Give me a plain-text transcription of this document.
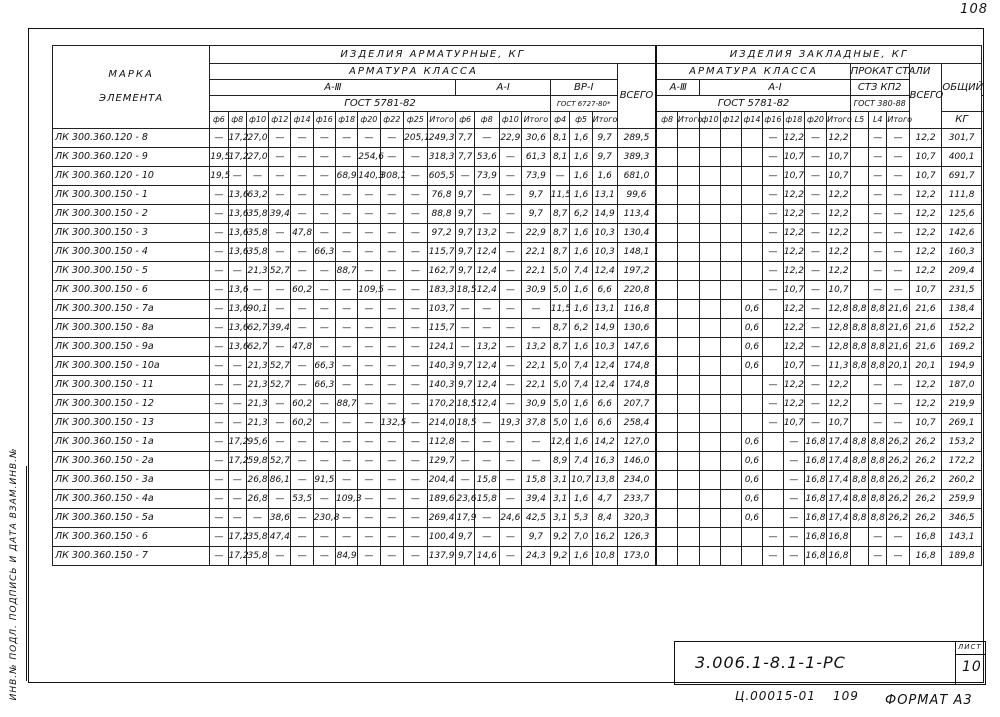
108
МАРКА
ЭЛЕМЕНТА	ИЗДЕЛИЯ АРМАТУРНЫЕ, КГ																			ИЗДЕЛИЯ ЗАКЛАДНЫЕ, КГ														
	АРМАТУРА КЛАССА																		ВСЕГО	АРМАТУРА КЛАССА									ПРОКАТ СТАЛИ			ВСЕГО	ОБЩИЙ	

	А-Ⅲ											А-Ⅰ				ВР-Ⅰ				А-Ⅲ		А-Ⅰ							СТЗ КП2					
	ГОСТ 5781-82															ГОСТ 6727-80*				ГОСТ 5781-82									ГОСТ 380-88	
	ф6	ф8	ф10	ф12	ф14	ф16	ф18	ф20	ф22	ф25	Итого	ф6	ф8	ф10	Итого	ф4	ф5	Итого		ф8	Итого	ф10	ф12	ф14	ф16	ф18	ф20	Итого	L5	L4	Итого		КГ	
ЛК 300.360.120 - 8	—	17,2	27,0	—	—	—	—	—	—	205,1	249,3	7,7	—	22,9	30,6	8,1	1,6	9,7	289,5						—	12,2	—	12,2		—	—	12,2	301,7	
ЛК 300.360.120 - 9	19,5	17,2	27,0	—	—	—	—	254,6	—	—	318,3	7,7	53,6	—	61,3	8,1	1,6	9,7	389,3						—	10,7	—	10,7		—	—	10,7	400,1	
ЛК 300.360.120 - 10	19,5	—	—	—	—	—	68,9	140,3	308,1	—	605,5	—	73,9	—	73,9	—	1,6	1,6	681,0						—	10,7	—	10,7		—	—	10,7	691,7	
ЛК 300.300.150 - 1	—	13,6	63,2	—	—	—	—	—	—	—	76,8	9,7	—	—	9,7	11,5	1,6	13,1	99,6						—	12,2	—	12,2		—	—	12,2	111,8	
ЛК 300.300.150 - 2	—	13,6	35,8	39,4	—	—	—	—	—	—	88,8	9,7	—	—	9,7	8,7	6,2	14,9	113,4						—	12,2	—	12,2		—	—	12,2	125,6	
ЛК 300.300.150 - 3	—	13,6	35,8	—	47,8	—	—	—	—	—	97,2	9,7	13,2	—	22,9	8,7	1,6	10,3	130,4						—	12,2	—	12,2		—	—	12,2	142,6	
ЛК 300.300.150 - 4	—	13,6	35,8	—	—	66,3	—	—	—	—	115,7	9,7	12,4	—	22,1	8,7	1,6	10,3	148,1						—	12,2	—	12,2		—	—	12,2	160,3	
ЛК 300.300.150 - 5	—	—	21,3	52,7	—	—	88,7	—	—	—	162,7	9,7	12,4	—	22,1	5,0	7,4	12,4	197,2						—	12,2	—	12,2		—	—	12,2	209,4	
ЛК 300.300.150 - 6	—	13,6	—	—	60,2	—	—	109,5	—	—	183,3	18,5	12,4	—	30,9	5,0	1,6	6,6	220,8						—	10,7	—	10,7		—	—	10,7	231,5	
ЛК 300.300.150 - 7а	—	13,6	90,1	—	—	—	—	—	—	—	103,7	—	—	—	—	11,5	1,6	13,1	116,8					0,6		12,2	—	12,8	8,8	8,8	21,6	21,6	138,4	
ЛК 300.300.150 - 8а	—	13,6	62,7	39,4	—	—	—	—	—	—	115,7	—	—	—	—	8,7	6,2	14,9	130,6					0,6		12,2	—	12,8	8,8	8,8	21,6	21,6	152,2	
ЛК 300.300.150 - 9а	—	13,6	62,7	—	47,8	—	—	—	—	—	124,1	—	13,2	—	13,2	8,7	1,6	10,3	147,6					0,6		12,2	—	12,8	8,8	8,8	21,6	21,6	169,2	
ЛК 300.300.150 - 10а	—	—	21,3	52,7	—	66,3	—	—	—	—	140,3	9,7	12,4	—	22,1	5,0	7,4	12,4	174,8					0,6		10,7	—	11,3	8,8	8,8	20,1	20,1	194,9	
ЛК 300.300.150 - 11	—	—	21,3	52,7	—	66,3	—	—	—	—	140,3	9,7	12,4	—	22,1	5,0	7,4	12,4	174,8						—	12,2	—	12,2		—	—	12,2	187,0	
ЛК 300.300.150 - 12	—	—	21,3	—	60,2	—	88,7	—	—	—	170,2	18,5	12,4	—	30,9	5,0	1,6	6,6	207,7						—	12,2	—	12,2		—	—	12,2	219,9	
ЛК 300.300.150 - 13	—	—	21,3	—	60,2	—	—	—	132,5	—	214,0	18,5	—	19,3	37,8	5,0	1,6	6,6	258,4						—	10,7	—	10,7		—	—	10,7	269,1	
ЛК 300.360.150 - 1а	—	17,2	95,6	—	—	—	—	—	—	—	112,8	—	—	—	—	12,6	1,6	14,2	127,0					0,6		—	16,8	17,4	8,8	8,8	26,2	26,2	153,2	
ЛК 300.360.150 - 2а	—	17,2	59,8	52,7	—	—	—	—	—	—	129,7	—	—	—	—	8,9	7,4	16,3	146,0					0,6		—	16,8	17,4	8,8	8,8	26,2	26,2	172,2	
ЛК 300.360.150 - 3а	—	—	26,8	86,1	—	91,5	—	—	—	—	204,4	—	15,8	—	15,8	3,1	10,7	13,8	234,0					0,6		—	16,8	17,4	8,8	8,8	26,2	26,2	260,2	
ЛК 300.360.150 - 4а	—	—	26,8	—	53,5	—	109,3	—	—	—	189,6	23,6	15,8	—	39,4	3,1	1,6	4,7	233,7					0,6		—	16,8	17,4	8,8	8,8	26,2	26,2	259,9	
ЛК 300.360.150 - 5а	—	—	—	38,6	—	230,8	—	—	—	—	269,4	17,9	—	24,6	42,5	3,1	5,3	8,4	320,3					0,6		—	16,8	17,4	8,8	8,8	26,2	26,2	346,5	
ЛК 300.360.150 - 6	—	17,2	35,8	47,4	—	—	—	—	—	—	100,4	9,7	—	—	9,7	9,2	7,0	16,2	126,3						—	—	16,8	16,8		—	—	16,8	143,1	
ЛК 300.360.150 - 7	—	17,2	35,8	—	—	—	84,9	—	—	—	137,9	9,7	14,6	—	24,3	9,2	1,6	10,8	173,0						—	—	16,8	16,8		—	—	16,8	189,8	
3.006.1-8.1-1-РС
ЛИСТ
10
ИНВ.№ ПОДЛ. ПОДПИСЬ И ДАТА ВЗАМ.ИНВ.№	Ц.00015-01 109 ФОРМАТ А3
